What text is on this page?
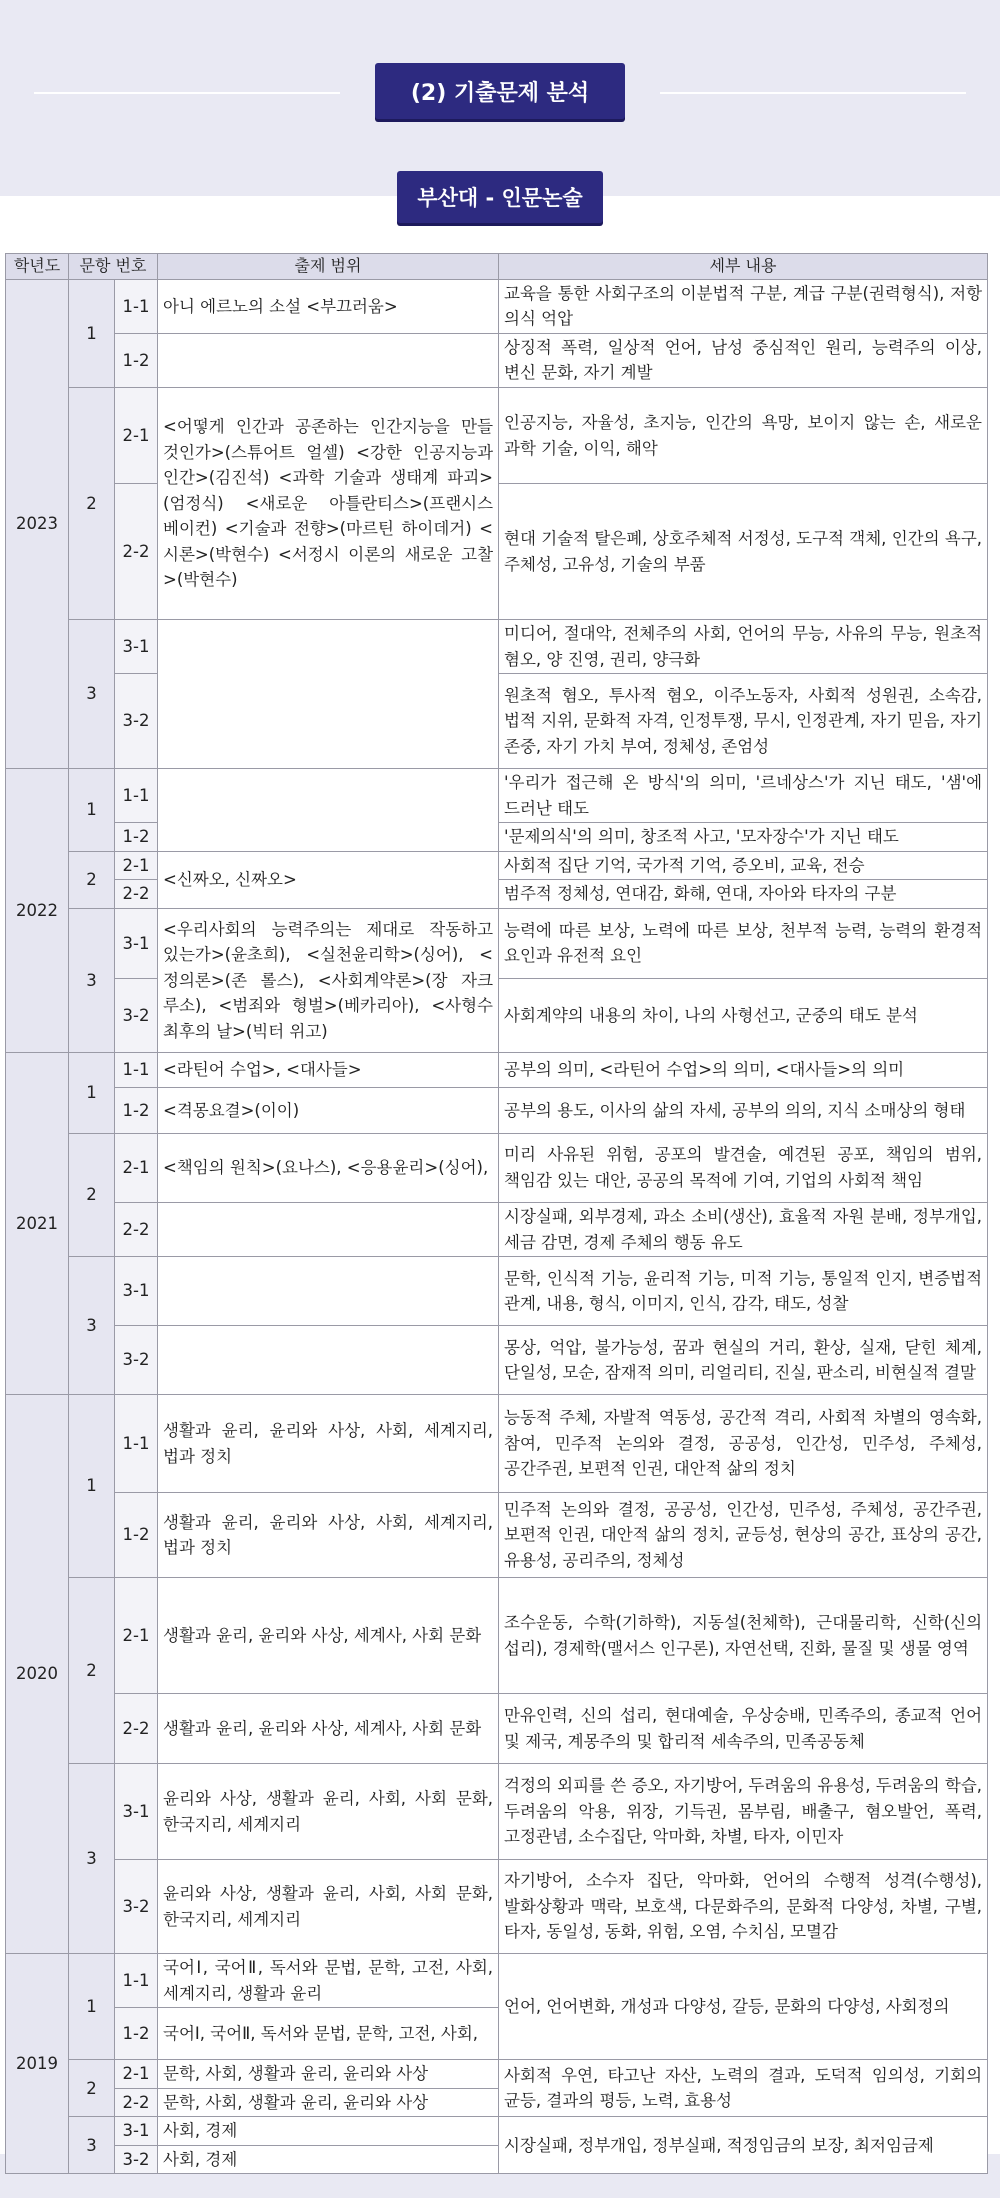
(2) 기출문제 분석
부산대 - 인문논술
학년도	문항 번호		출제 범위	세부 내용
2023	1	1-1	아니 에르노의 소설 <부끄러움>	교육을 통한 사회구조의 이분법적 구분, 계급 구분(권력형식), 저항 의식 억압
		1-2		상징적 폭력, 일상적 언어, 남성 중심적인 원리, 능력주의 이상, 변신 문화, 자기 계발
	2	2-1	<어떻게 인간과 공존하는 인간지능을 만들 것인가>(스튜어트 얼셀) <강한 인공지능과 인간>(김진석) <과학 기술과 생태계 파괴>(엄정식) <새로운 아틀란티스>(프랜시스 베이컨) <기술과 전향>(마르틴 하이데거) <시론>(박현수) <서정시 이론의 새로운 고찰>(박현수)	인공지능, 자율성, 초지능, 인간의 욕망, 보이지 않는 손, 새로운 과학 기술, 이익, 해악
		2-2		현대 기술적 탈은폐, 상호주체적 서정성, 도구적 객체, 인간의 욕구, 주체성, 고유성, 기술의 부품
	3	3-1		미디어, 절대악, 전체주의 사회, 언어의 무능, 사유의 무능, 원초적 혐오, 양 진영, 권리, 양극화
		3-2		원초적 혐오, 투사적 혐오, 이주노동자, 사회적 성원권, 소속감, 법적 지위, 문화적 자격, 인정투쟁, 무시, 인정관계, 자기 믿음, 자기 존중, 자기 가치 부여, 정체성, 존엄성

2022	1	1-1		'우리가 접근해 온 방식'의 의미, '르네상스'가 지닌 태도, '샘'에 드러난 태도
		1-2		'문제의식'의 의미, 창조적 사고, '모자장수'가 지닌 태도
	2	2-1	<신짜오, 신짜오>	사회적 집단 기억, 국가적 기억, 증오비, 교육, 전승
		2-2		범주적 정체성, 연대감, 화해, 연대, 자아와 타자의 구분
	3	3-1	<우리사회의 능력주의는 제대로 작동하고 있는가>(윤초희), <실천윤리학>(싱어), <정의론>(존 롤스), <사회계약론>(장 자크 루소), <범죄와 형벌>(베카리아), <사형수 최후의 날>(빅터 위고)	능력에 따른 보상, 노력에 따른 보상, 천부적 능력, 능력의 환경적 요인과 유전적 요인
		3-2		사회계약의 내용의 차이, 나의 사형선고, 군중의 태도 분석
2021	1	1-1	<라틴어 수업>, <대사들>	공부의 의미, <라틴어 수업>의 의미, <대사들>의 의미
		1-2	<격몽요결>(이이)	공부의 용도, 이사의 삶의 자세, 공부의 의의, 지식 소매상의 형태
	2	2-1	<책임의 원칙>(요나스), <응용윤리>(싱어),	미리 사유된 위험, 공포의 발견술, 예견된 공포, 책임의 범위, 책임감 있는 대안, 공공의 목적에 기여, 기업의 사회적 책임
		2-2		시장실패, 외부경제, 과소 소비(생산), 효율적 자원 분배, 정부개입, 세금 감면, 경제 주체의 행동 유도
	3	3-1		문학, 인식적 기능, 윤리적 기능, 미적 기능, 통일적 인지, 변증법적 관계, 내용, 형식, 이미지, 인식, 감각, 태도, 성찰
		3-2		몽상, 억압, 불가능성, 꿈과 현실의 거리, 환상, 실재, 닫힌 체계, 단일성, 모순, 잠재적 의미, 리얼리티, 진실, 판소리, 비현실적 결말
2020	1	1-1	생활과 윤리, 윤리와 사상, 사회, 세계지리, 법과 정치	능동적 주체, 자발적 역동성, 공간적 격리, 사회적 차별의 영속화, 참여, 민주적 논의와 결정, 공공성, 인간성, 민주성, 주체성, 공간주권, 보편적 인권, 대안적 삶의 정치
		1-2	생활과 윤리, 윤리와 사상, 사회, 세계지리, 법과 정치	민주적 논의와 결정, 공공성, 인간성, 민주성, 주체성, 공간주권, 보편적 인권, 대안적 삶의 정치, 균등성, 현상의 공간, 표상의 공간, 유용성, 공리주의, 정체성
	2	2-1	생활과 윤리, 윤리와 사상, 세계사, 사회 문화	조수운동, 수학(기하학), 지동설(천체학), 근대물리학, 신학(신의 섭리), 경제학(맬서스 인구론), 자연선택, 진화, 물질 및 생물 영역
		2-2	생활과 윤리, 윤리와 사상, 세계사, 사회 문화	만유인력, 신의 섭리, 현대예술, 우상숭배, 민족주의, 종교적 언어 및 제국, 계몽주의 및 합리적 세속주의, 민족공동체
	3	3-1	윤리와 사상, 생활과 윤리, 사회, 사회 문화, 한국지리, 세계지리	걱정의 외피를 쓴 증오, 자기방어, 두려움의 유용성, 두려움의 학습, 두려움의 악용, 위장, 기득권, 몸부림, 배출구, 혐오발언, 폭력, 고정관념, 소수집단, 악마화, 차별, 타자, 이민자
		3-2	윤리와 사상, 생활과 윤리, 사회, 사회 문화, 한국지리, 세계지리	자기방어, 소수자 집단, 악마화, 언어의 수행적 성격(수행성), 발화상황과 맥락, 보호색, 다문화주의, 문화적 다양성, 차별, 구별, 타자, 동일성, 동화, 위험, 오염, 수치심, 모멸감
2019	1	1-1	국어Ⅰ, 국어Ⅱ, 독서와 문법, 문학, 고전, 사회, 세계지리, 생활과 윤리	언어, 언어변화, 개성과 다양성, 갈등, 문화의 다양성, 사회정의
		1-2	국어Ⅰ, 국어Ⅱ, 독서와 문법, 문학, 고전, 사회,	
	2	2-1	문학, 사회, 생활과 윤리, 윤리와 사상	사회적 우연, 타고난 자산, 노력의 결과, 도덕적 임의성, 기회의 균등, 결과의 평등, 노력, 효용성
		2-2	문학, 사회, 생활과 윤리, 윤리와 사상	
	3	3-1	사회, 경제	시장실패, 정부개입, 정부실패, 적정임금의 보장, 최저임금제
		3-2	사회, 경제	
